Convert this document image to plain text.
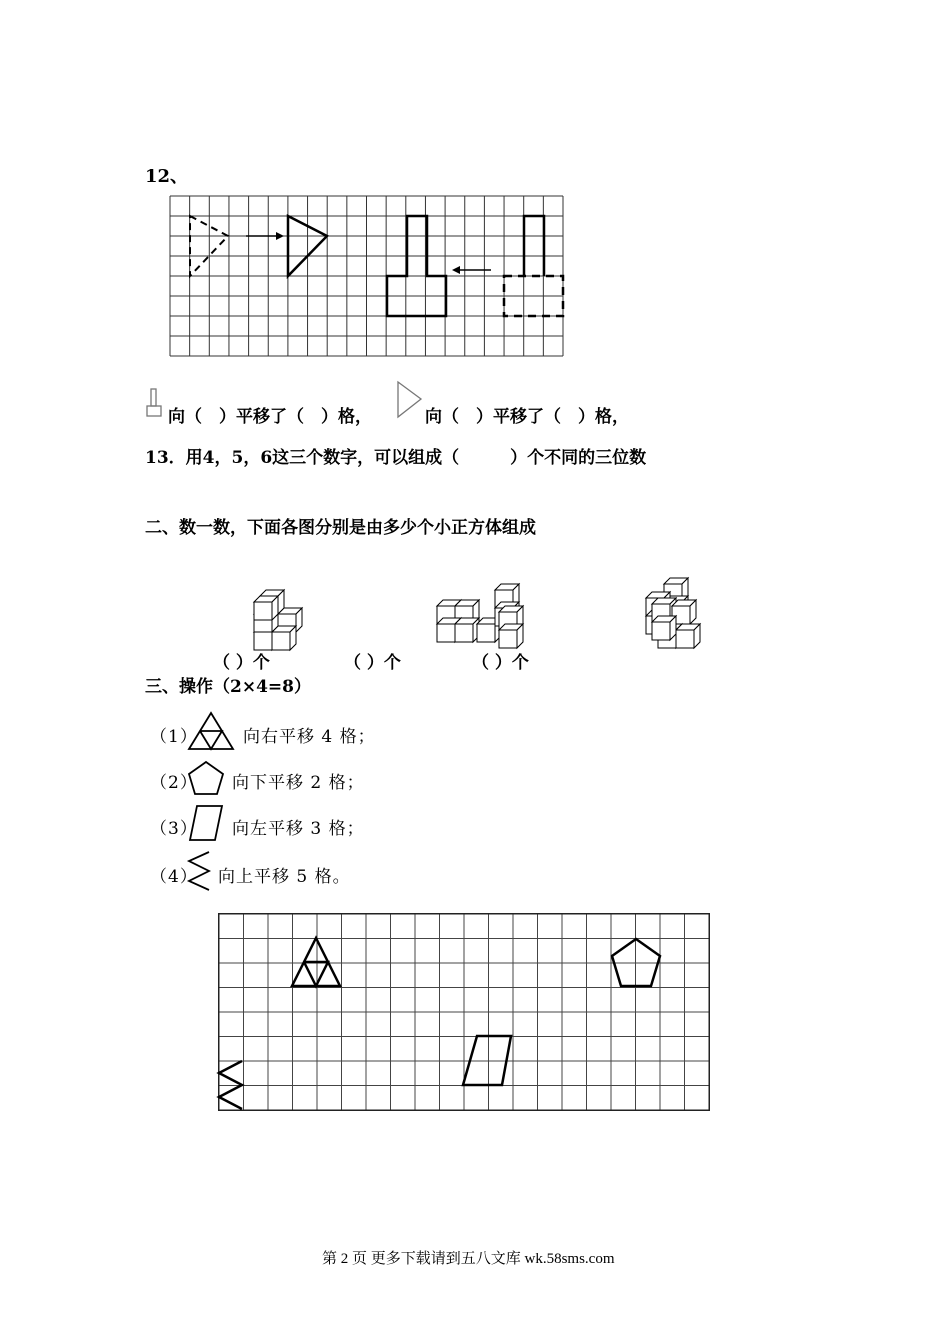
12、
向（　）平移了（　）格，	向（　）平移了（　）格，
13．用4，5，6这三个数字，可以组成（　　　）个不同的三位数
二、数一数，下面各图分别是由多少个小正方体组成
（ ）个	（ ）个	（ ）个
三、操作（2×4=8）
（1）	向右平移 4 格；
（2） 向下平移 2 格；
（3） 向左平移 3 格；
（4） 向上平移 5 格。
第 2 页 更多下载请到五八文库 wk.58sms.com
